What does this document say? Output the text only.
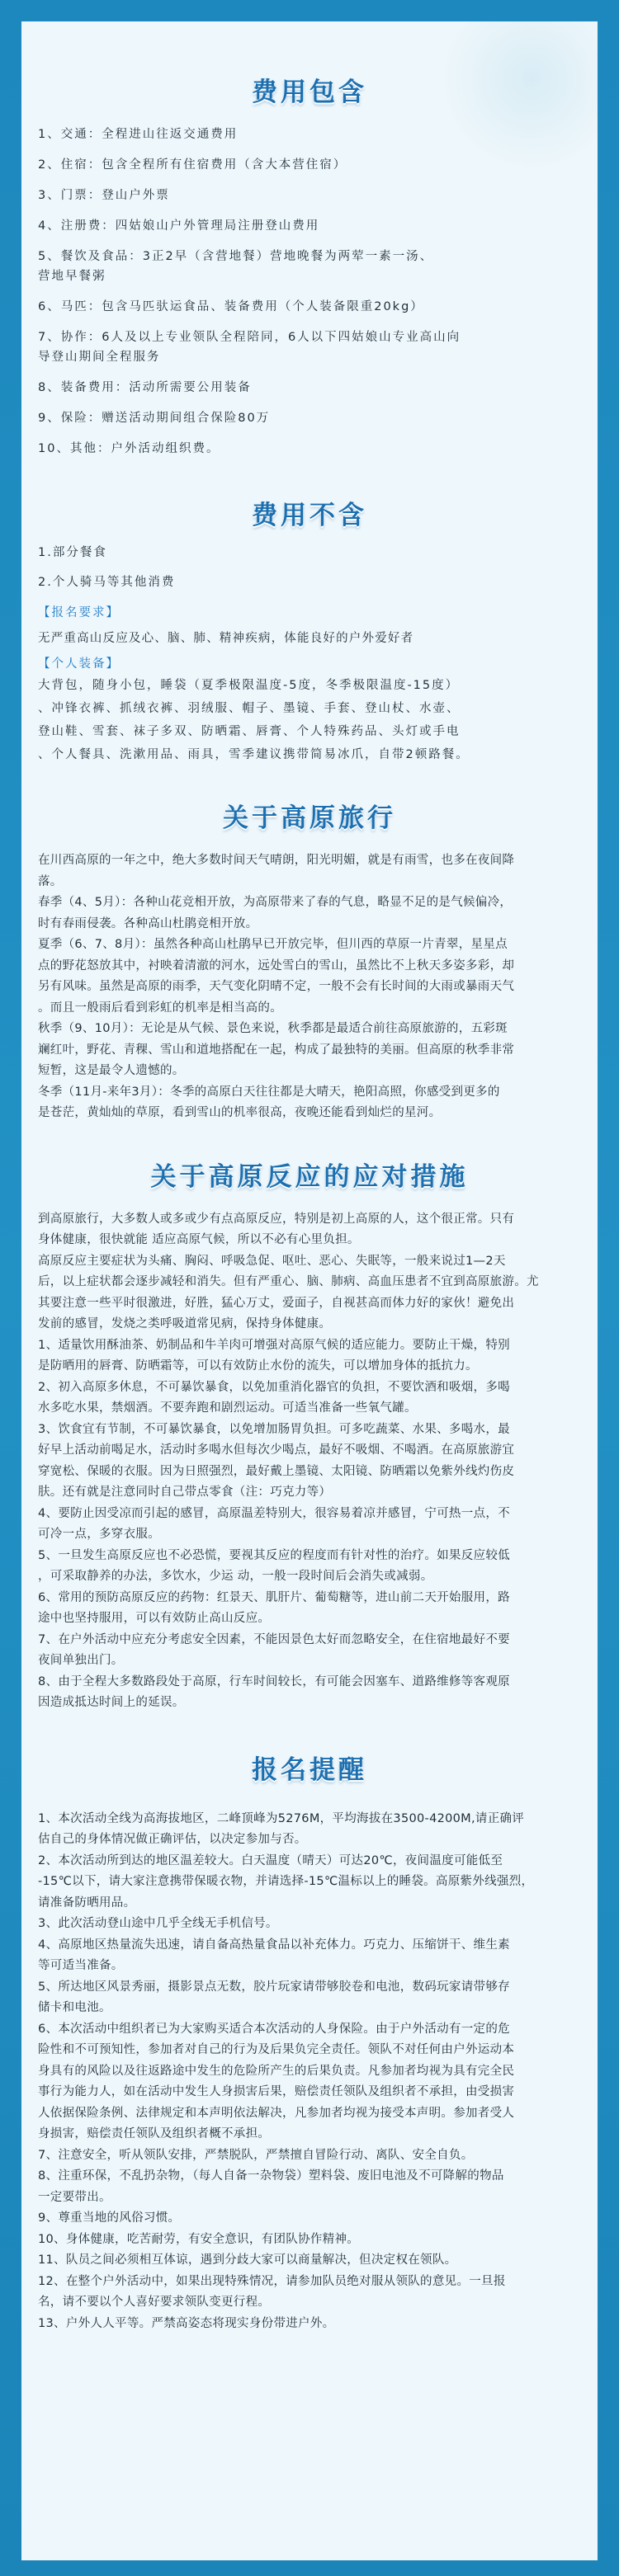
费用包含

1、交通：全程进山往返交通费用

2、住宿：包含全程所有住宿费用（含大本营住宿）

3、门票：登山户外票

4、注册费：四姑娘山户外管理局注册登山费用

5、餐饮及食品：3正2早（含营地餐）营地晚餐为两荤一素一汤、

营地早餐粥

6、马匹：包含马匹驮运食品、装备费用（个人装备限重20kg）

7、协作：6人及以上专业领队全程陪同，6人以下四姑娘山专业高山向

导登山期间全程服务

8、装备费用：活动所需要公用装备

9、保险：赠送活动期间组合保险80万

10、其他：户外活动组织费。

费用不含

1.部分餐食

2.个人骑马等其他消费

【报名要求】

无严重高山反应及心、脑、肺、精神疾病，体能良好的户外爱好者

【个人装备】

大背包，随身小包，睡袋（夏季极限温度-5度，冬季极限温度-15度）

、冲锋衣裤、抓绒衣裤、羽绒服、帽子、墨镜、手套、登山杖、水壶、

登山鞋、雪套、袜子多双、防晒霜、唇膏、个人特殊药品、头灯或手电

、个人餐具、洗漱用品、雨具，雪季建议携带简易冰爪，自带2顿路餐。

关于高原旅行

在川西高原的一年之中，绝大多数时间天气晴朗，阳光明媚，就是有雨雪，也多在夜间降

落。

春季（4、5月）：各种山花竞相开放，为高原带来了春的气息，略显不足的是气候偏冷，

时有春雨侵袭。各种高山杜鹃竞相开放。

夏季（6、7、8月）：虽然各种高山杜鹃早已开放完毕，但川西的草原一片青翠，星星点

点的野花怒放其中，衬映着清澈的河水，远处雪白的雪山，虽然比不上秋天多姿多彩，却

另有风味。虽然是高原的雨季，天气变化阴晴不定，一般不会有长时间的大雨或暴雨天气

。而且一般雨后看到彩虹的机率是相当高的。

秋季（9、10月）：无论是从气候、景色来说，秋季都是最适合前往高原旅游的，五彩斑

斓红叶，野花、青稞、雪山和道地搭配在一起，构成了最独特的美丽。但高原的秋季非常

短暂，这是最令人遗憾的。

冬季（11月-来年3月）：冬季的高原白天往往都是大晴天，艳阳高照，你感受到更多的

是苍茫，黄灿灿的草原，看到雪山的机率很高，夜晚还能看到灿烂的星河。

关于高原反应的应对措施

到高原旅行，大多数人或多或少有点高原反应，特别是初上高原的人，这个很正常。只有

身体健康，很快就能 适应高原气候，所以不必有心里负担。

高原反应主要症状为头痛、胸闷、呼吸急促、呕吐、恶心、失眠等，一般来说过1—2天

后，以上症状都会逐步减轻和消失。但有严重心、脑、肺病、高血压患者不宜到高原旅游。尤

其要注意一些平时很激进，好胜，猛心万丈，爱面子，自视甚高而体力好的家伙！避免出

发前的感冒，发烧之类呼吸道常见病，保持身体健康。

1、适量饮用酥油茶、奶制品和牛羊肉可增强对高原气候的适应能力。要防止干燥，特别

是防晒用的唇膏、防晒霜等，可以有效防止水份的流失，可以增加身体的抵抗力。

2、初入高原多休息，不可暴饮暴食，以免加重消化器官的负担，不要饮酒和吸烟，多喝

水多吃水果，禁烟酒。不要奔跑和剧烈运动。可适当准备一些氧气罐。

3、饮食宜有节制，不可暴饮暴食，以免增加肠胃负担。可多吃蔬菜、水果、多喝水，最

好早上活动前喝足水，活动时多喝水但每次少喝点，最好不吸烟、不喝酒。在高原旅游宜

穿宽松、保暖的衣服。因为日照强烈，最好戴上墨镜、太阳镜、防晒霜以免紫外线灼伤皮

肤。还有就是注意同时自己带点零食（注：巧克力等）

4、要防止因受凉而引起的感冒，高原温差特别大，很容易着凉并感冒，宁可热一点，不

可冷一点，多穿衣服。

5、一旦发生高原反应也不必恐慌，要视其反应的程度而有针对性的治疗。如果反应较低

，可采取静养的办法，多饮水，少运 动，一般一段时间后会消失或减弱。

6、常用的预防高原反应的药物：红景天、肌肝片、葡萄糖等，进山前二天开始服用，路

途中也坚持服用，可以有效防止高山反应。

7、在户外活动中应充分考虑安全因素，不能因景色太好而忽略安全，在住宿地最好不要

夜间单独出门。

8、由于全程大多数路段处于高原，行车时间较长，有可能会因塞车、道路维修等客观原

因造成抵达时间上的延误。

报名提醒

1、本次活动全线为高海拔地区，二峰顶峰为5276M，平均海拔在3500-4200M,请正确评

估自己的身体情况做正确评估，以决定参加与否。

2、本次活动所到达的地区温差较大。白天温度（晴天）可达20℃，夜间温度可能低至

-15℃以下，请大家注意携带保暖衣物，并请选择-15℃温标以上的睡袋。高原紫外线强烈，

请准备防晒用品。

3、此次活动登山途中几乎全线无手机信号。

4、高原地区热量流失迅速，请自备高热量食品以补充体力。巧克力、压缩饼干、维生素

等可适当准备。

5、所达地区风景秀丽，摄影景点无数，胶片玩家请带够胶卷和电池，数码玩家请带够存

储卡和电池。

6、本次活动中组织者已为大家购买适合本次活动的人身保险。由于户外活动有一定的危

险性和不可预知性，参加者对自己的行为及后果负完全责任。领队不对任何由户外运动本

身具有的风险以及往返路途中发生的危险所产生的后果负责。凡参加者均视为具有完全民

事行为能力人，如在活动中发生人身损害后果，赔偿责任领队及组织者不承担，由受损害

人依据保险条例、法律规定和本声明依法解决，凡参加者均视为接受本声明。参加者受人

身损害，赔偿责任领队及组织者概不承担。

7、注意安全，听从领队安排，严禁脱队，严禁擅自冒险行动、离队、安全自负。

8、注重环保，不乱扔杂物，（每人自备一杂物袋）塑料袋、废旧电池及不可降解的物品

一定要带出。

9、尊重当地的风俗习惯。

10、身体健康，吃苦耐劳，有安全意识，有团队协作精神。

11、队员之间必须相互体谅，遇到分歧大家可以商量解决，但决定权在领队。

12、在整个户外活动中，如果出现特殊情况，请参加队员绝对服从领队的意见。一旦报

名，请不要以个人喜好要求领队变更行程。

13、户外人人平等。严禁高姿态将现实身份带进户外。
